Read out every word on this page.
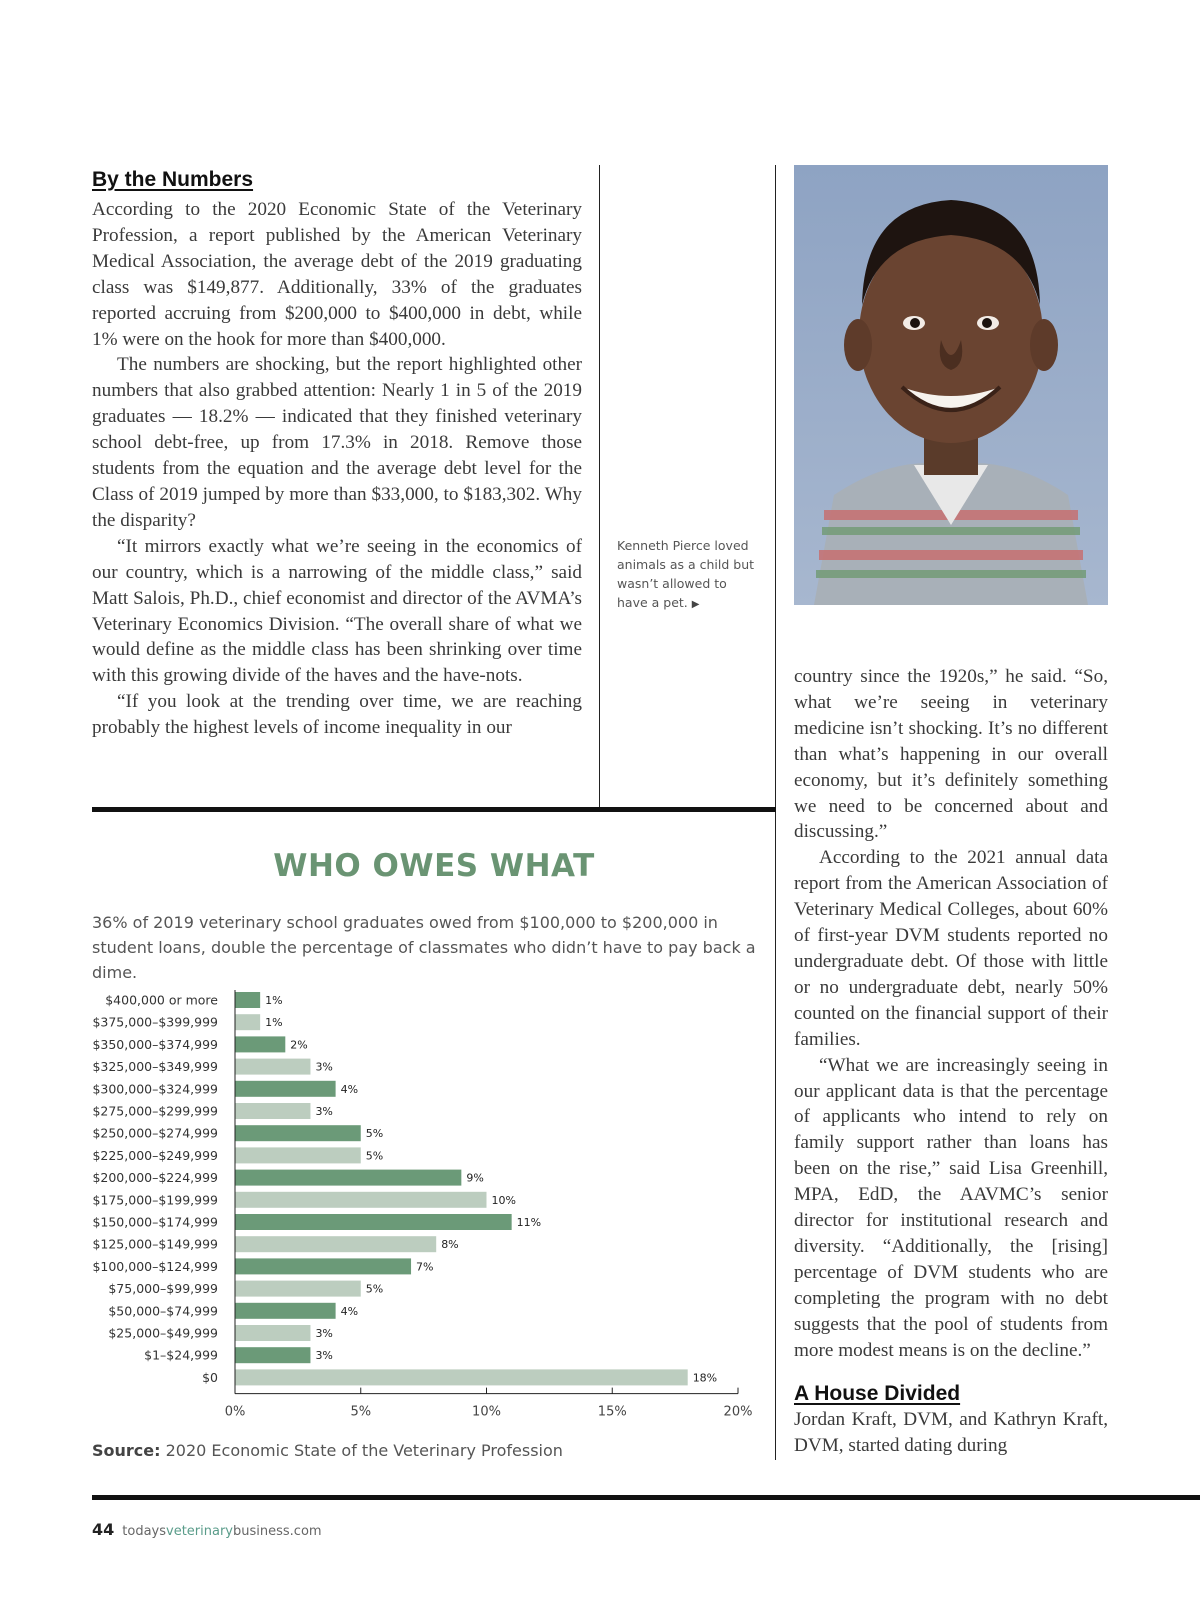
By the Numbers

According to the 2020 Economic State of the Veterinary Profession, a report published by the American Veterinary Medical Association, the average debt of the 2019 graduating class was $149,877. Additionally, 33% of the graduates reported accruing from $200,000 to $400,000 in debt, while 1% were on the hook for more than $400,000.

The numbers are shocking, but the report highlighted other numbers that also grabbed attention: Nearly 1 in 5 of the 2019 graduates — 18.2% — indicated that they finished veterinary school debt-free, up from 17.3% in 2018. Remove those students from the equation and the average debt level for the Class of 2019 jumped by more than $33,000, to $183,302. Why the disparity?

“It mirrors exactly what we’re seeing in the economics of our country, which is a narrowing of the middle class,” said Matt Salois, Ph.D., chief economist and director of the AVMA’s Veterinary Economics Division. “The overall share of what we would define as the middle class has been shrinking over time with this growing divide of the haves and the have-nots.

“If you look at the trending over time, we are reaching probably the highest levels of income inequality in our

Kenneth Pierce loved animals as a child but wasn’t allowed to have a pet. ▶

country since the 1920s,” he said. “So, what we’re seeing in veterinary medicine isn’t shocking. It’s no different than what’s happening in our overall economy, but it’s definitely something we need to be concerned about and discussing.”

According to the 2021 annual data report from the American Association of Veterinary Medical Colleges, about 60% of first-year DVM students reported no undergraduate debt. Of those with little or no undergraduate debt, nearly 50% counted on the financial support of their families.

“What we are increasingly seeing in our applicant data is that the percentage of applicants who intend to rely on family support rather than loans has been on the rise,” said Lisa Greenhill, MPA, EdD, the AAVMC’s senior director for institutional research and diversity. “Additionally, the [rising] percentage of DVM students who are completing the program with no debt suggests that the pool of students from more modest means is on the decline.”

A House Divided

Jordan Kraft, DVM, and Kathryn Kraft, DVM, started dating during

WHO OWES WHAT
36% of 2019 veterinary school graduates owed from $100,000 to $200,000 in student loans, double the percentage of classmates who didn’t have to pay back a dime.
$400,000 or more	1%
$375,000–$399,999	1%
$350,000–$374,999	2%
$325,000–$349,999	3%
$300,000–$324,999	4%
$275,000–$299,999	3%
$250,000–$274,999	5%
$225,000–$249,999	5%
$200,000–$224,999	9%
$175,000–$199,999	10%
$150,000–$174,999	11%
$125,000–$149,999	8%
$100,000–$124,999	7%
$75,000–$99,999	5%
$50,000–$74,999	4%
$25,000–$49,999	3%
$1–$24,999	3%
$0	18%
0%	5%	10%	15%	20%
Source: 2020 Economic State of the Veterinary Profession
44 todaysveterinarybusiness.com
